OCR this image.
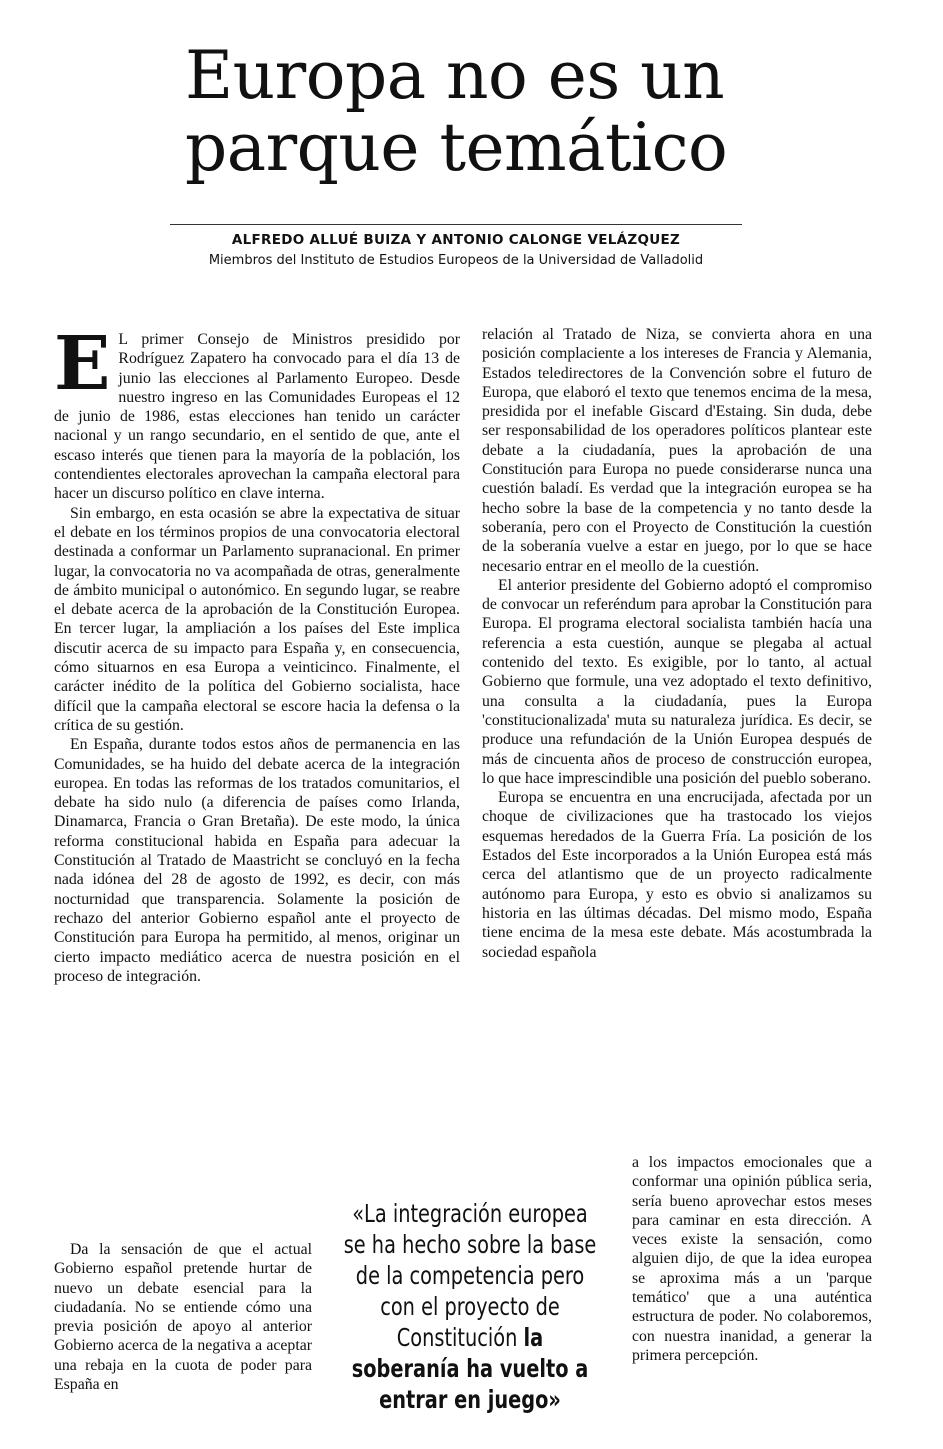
Europa no es un
parque temático
ALFREDO ALLUÉ BUIZA Y ANTONIO CALONGE VELÁZQUEZ
Miembros del Instituto de Estudios Europeos de la Universidad de Valladolid

E L primer Consejo de Ministros presidido por Rodríguez Zapatero ha convocado para el día 13 de junio las elecciones al Parlamento Europeo. Desde nuestro ingreso en las Comunidades Europeas el 12 de junio de 1986, estas elecciones han tenido un carácter nacional y un rango secundario, en el sentido de que, ante el escaso interés que tienen para la mayoría de la población, los contendientes electorales aprovechan la campaña electoral para hacer un discurso político en clave interna.

Sin embargo, en esta ocasión se abre la expectativa de situar el debate en los términos propios de una convocatoria electoral destinada a conformar un Parlamento supranacional. En primer lugar, la convocatoria no va acompañada de otras, generalmente de ámbito municipal o autonómico. En segundo lugar, se reabre el debate acerca de la aprobación de la Constitución Europea. En tercer lugar, la ampliación a los países del Este implica discutir acerca de su impacto para España y, en consecuencia, cómo situarnos en esa Europa a veinticinco. Finalmente, el carácter inédito de la política del Gobierno socialista, hace difícil que la campaña electoral se escore hacia la defensa o la crítica de su gestión.

En España, durante todos estos años de permanencia en las Comunidades, se ha huido del debate acerca de la integración europea. En todas las reformas de los tratados comunitarios, el debate ha sido nulo (a diferencia de países como Irlanda, Dinamarca, Francia o Gran Bretaña). De este modo, la única reforma constitucional habida en España para adecuar la Constitución al Tratado de Maastricht se concluyó en la fecha nada idónea del 28 de agosto de 1992, es decir, con más nocturnidad que transparencia. Solamente la posición de rechazo del anterior Gobierno español ante el proyecto de Constitución para Europa ha permitido, al menos, originar un cierto impacto mediático acerca de nuestra posición en el proceso de integración.

Da la sensación de que el actual Gobierno español pretende hurtar de nuevo un debate esencial para la ciudadanía. No se entiende cómo una previa posición de apoyo al anterior Gobierno acerca de la negativa a aceptar una rebaja en la cuota de poder para España en

relación al Tratado de Niza, se convierta ahora en una posición complaciente a los intereses de Francia y Alemania, Estados teledirectores de la Convención sobre el futuro de Europa, que elaboró el texto que tenemos encima de la mesa, presidida por el inefable Giscard d'Estaing. Sin duda, debe ser responsabilidad de los operadores políticos plantear este debate a la ciudadanía, pues la aprobación de una Constitución para Europa no puede considerarse nunca una cuestión baladí. Es verdad que la integración europea se ha hecho sobre la base de la competencia y no tanto desde la soberanía, pero con el Proyecto de Constitución la cuestión de la soberanía vuelve a estar en juego, por lo que se hace necesario entrar en el meollo de la cuestión.

El anterior presidente del Gobierno adoptó el compromiso de convocar un referéndum para aprobar la Constitución para Europa. El programa electoral socialista también hacía una referencia a esta cuestión, aunque se plegaba al actual contenido del texto. Es exigible, por lo tanto, al actual Gobierno que formule, una vez adoptado el texto definitivo, una consulta a la ciudadanía, pues la Europa 'constitucionalizada' muta su naturaleza jurídica. Es decir, se produce una refundación de la Unión Europea después de más de cincuenta años de proceso de construcción europea, lo que hace imprescindible una posición del pueblo soberano.

Europa se encuentra en una encrucijada, afectada por un choque de civilizaciones que ha trastocado los viejos esquemas heredados de la Guerra Fría. La posición de los Estados del Este incorporados a la Unión Europea está más cerca del atlantismo que de un proyecto radicalmente autónomo para Europa, y esto es obvio si analizamos su historia en las últimas décadas. Del mismo modo, España tiene encima de la mesa este debate. Más acostumbrada la sociedad española

a los impactos emocionales que a conformar una opinión pública seria, sería bueno aprovechar estos meses para caminar en esta dirección. A veces existe la sensación, como alguien dijo, de que la idea europea se aproxima más a un 'parque temático' que a una auténtica estructura de poder. No colaboremos, con nuestra inanidad, a generar la primera percepción.

«La integración europea se ha hecho sobre la base de la competencia pero con el proyecto de Constitución la soberanía ha vuelto a entrar en juego»
